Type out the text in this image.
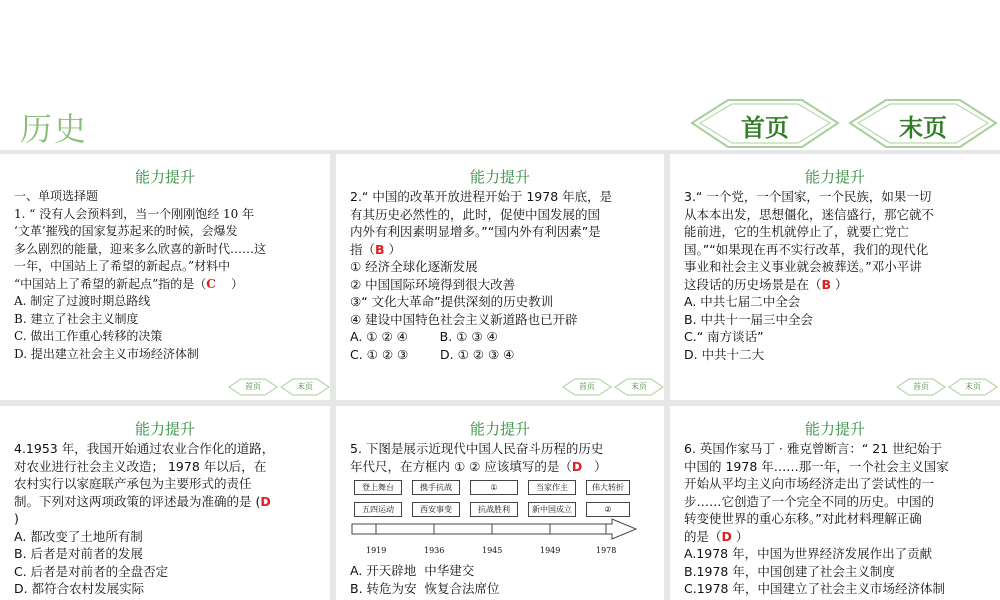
历史	首页	末页
能力提升
一、单项选择题
1. “ 没有人会预料到，当一个刚刚饱经 10 年
‘文革’摧残的国家复苏起来的时候，会爆发
多么剧烈的能量，迎来多么欣喜的新时代……这
一年，中国站上了希望的新起点。”材料中
“中国站上了希望的新起点”指的是（C    ）
A. 制定了过渡时期总路线
B. 建立了社会主义制度
C. 做出工作重心转移的决策
D. 提出建立社会主义市场经济体制
首页	末页
能力提升
2.“ 中国的改革开放进程开始于 1978 年底，是
有其历史必然性的，此时，促使中国发展的国
内外有利因素明显增多。”“国内外有利因素”是
指（B ）
① 经济全球化逐渐发展
② 中国国际环境得到很大改善
③“ 文化大革命”提供深刻的历史教训
④ 建设中国特色社会主义新道路也已开辟
A. ① ② ④        B. ① ③ ④
C. ① ② ③        D. ① ② ③ ④
首页	末页
能力提升
3.“ 一个党，一个国家，一个民族，如果一切
从本本出发，思想僵化，迷信盛行，那它就不
能前进，它的生机就停止了，就要亡党亡
国。”“如果现在再不实行改革，我们的现代化
事业和社会主义事业就会被葬送。”邓小平讲
这段话的历史场景是在（B ）
A. 中共七届二中全会
B. 中共十一届三中全会
C.“ 南方谈话”
D. 中共十二大
首页	末页
能力提升
4.1953 年，我国开始通过农业合作化的道路，
对农业进行社会主义改造； 1978 年以后，在
农村实行以家庭联产承包为主要形式的责任
制。下列对这两项政策的评述最为准确的是 (D
)
A. 都改变了土地所有制
B. 后者是对前者的发展
C. 后者是对前者的全盘否定
D. 都符合农村发展实际
能力提升
5. 下图是展示近现代中国人民奋斗历程的历史
年代尺，在方框内 ① ② 应该填写的是（D   ）
登上舞台	携手抗战	①	当家作主	伟大转折
五四运动	西安事变	抗战胜利	新中国成立	②
1919	1936	1945	1949	1978
A. 开天辟地  中华建交
B. 转危为安  恢复合法席位
能力提升
6. 英国作家马丁 · 雅克曾断言：“ 21 世纪始于
中国的 1978 年……那一年，一个社会主义国家
开始从平均主义向市场经济走出了尝试性的一
步……它创造了一个完全不同的历史。中国的
转变使世界的重心东移。”对此材料理解正确
的是（D ）
A.1978 年，中国为世界经济发展作出了贡献
B.1978 年，中国创建了社会主义制度
C.1978 年，中国建立了社会主义市场经济体制
